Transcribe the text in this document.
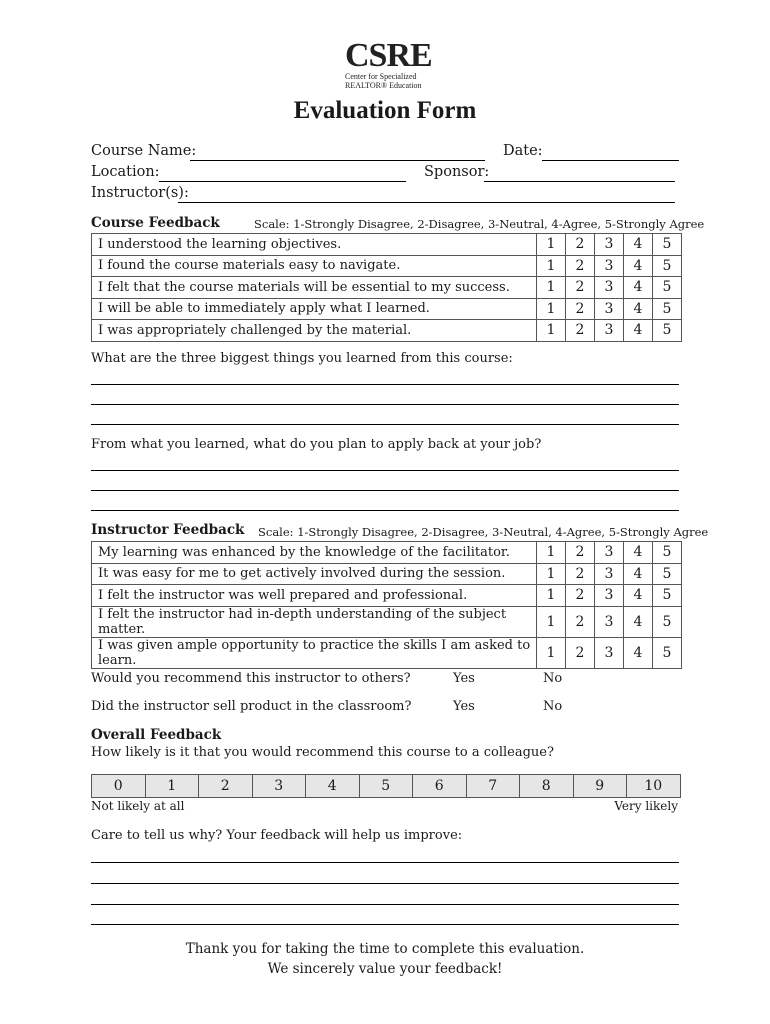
CSRE
Center for Specialized
REALTOR® Education
Evaluation Form
Course Name:	Date:
Location:	Sponsor:
Instructor(s):
Course Feedback	Scale: 1-Strongly Disagree, 2-Disagree, 3-Neutral, 4-Agree, 5-Strongly Agree
I understood the learning objectives.	1	2	3	4	5
I found the course materials easy to navigate.	1	2	3	4	5
I felt that the course materials will be essential to my success.	1	2	3	4	5
I will be able to immediately apply what I learned.	1	2	3	4	5
I was appropriately challenged by the material.	1	2	3	4	5
What are the three biggest things you learned from this course:
From what you learned, what do you plan to apply back at your job?
Instructor Feedback Scale: 1-Strongly Disagree, 2-Disagree, 3-Neutral, 4-Agree, 5-Strongly Agree
My learning was enhanced by the knowledge of the facilitator.	1	2	3	4	5
It was easy for me to get actively involved during the session.	1	2	3	4	5
I felt the instructor was well prepared and professional.	1	2	3	4	5
I felt the instructor had in-depth understanding of the subject matter.	1	2	3	4	5
I was given ample opportunity to practice the skills I am asked to learn.	1	2	3	4	5
Would you recommend this instructor to others?	Yes	No
Did the instructor sell product in the classroom?	Yes	No
Overall Feedback
How likely is it that you would recommend this course to a colleague?
0	1	2	3	4	5	6	7	8	9	10
Not likely at all	Very likely
Care to tell us why? Your feedback will help us improve:
Thank you for taking the time to complete this evaluation.
We sincerely value your feedback!
